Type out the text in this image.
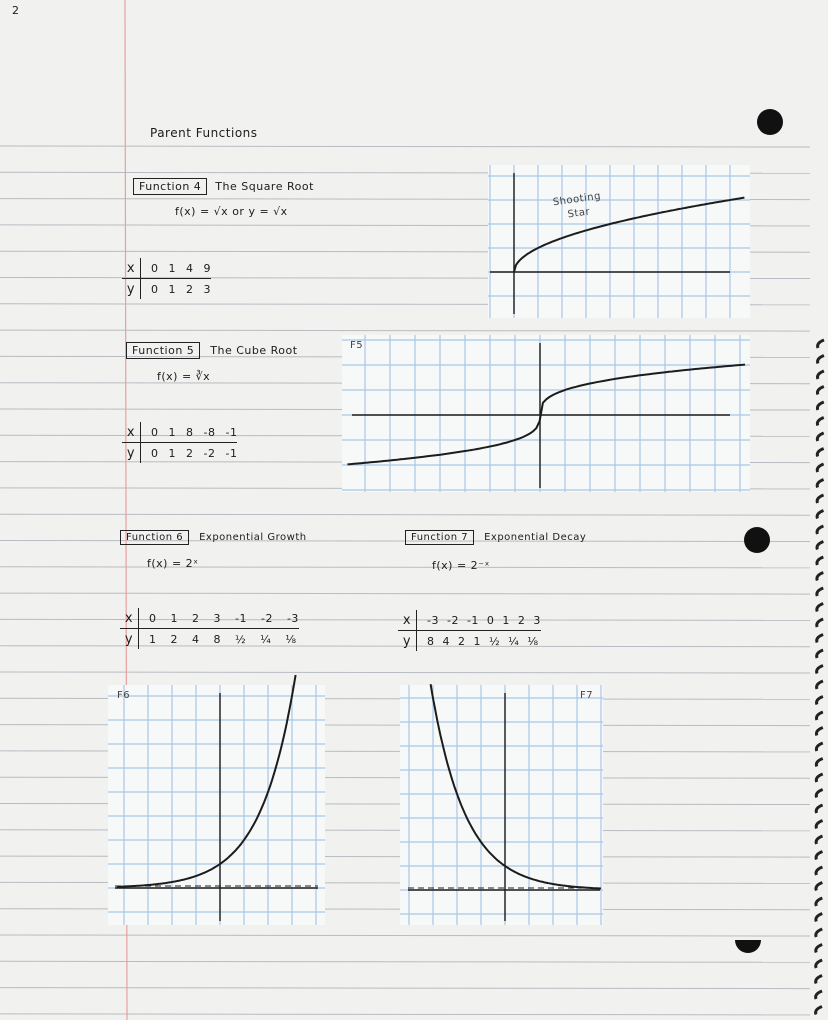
2
Parent Functions
Function 4	The Square Root
f(x) = √x or y = √x
x	0 1 4 9
y	0 1 2 3
Shooting Star
Function 5	The Cube Root
f(x) = ∛x
x	0 1 8 -8 -1
y	0 1 2 -2 -1
F5
Function 6	Exponential Growth
f(x) = 2ˣ
x	0 1 2 3 -1 -2 -3
y	1 2 4 8 ½ ¼ ⅛
F6
Function 7	Exponential Decay
f(x) = 2⁻ˣ
x	-3 -2 -1 0 1 2 3
y	8 4 2 1 ½ ¼ ⅛
F7
